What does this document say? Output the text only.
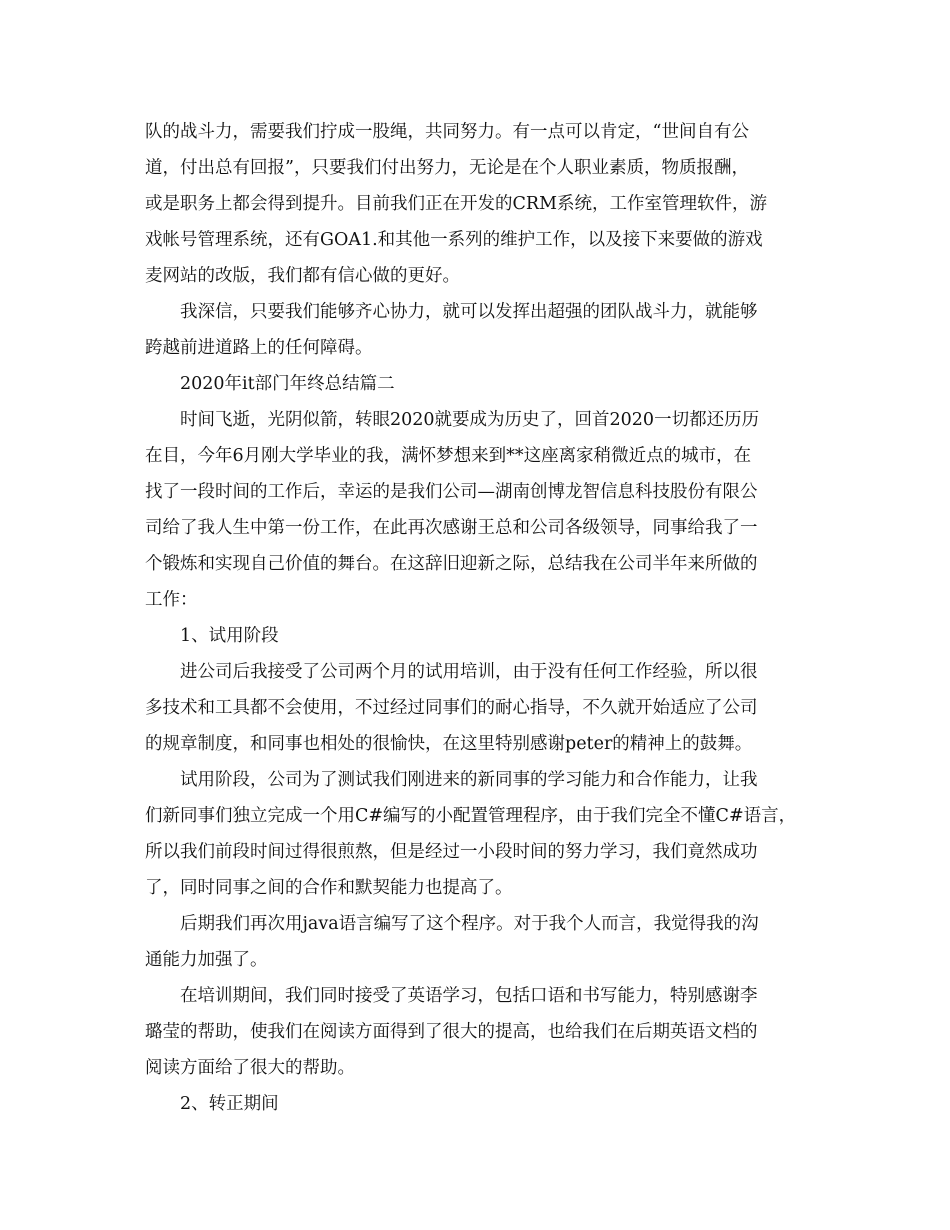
队的战斗力，需要我们拧成一股绳，共同努力。有一点可以肯定，“世间自有公
道，付出总有回报”，只要我们付出努力，无论是在个人职业素质，物质报酬，
或是职务上都会得到提升。目前我们正在开发的CRM系统，工作室管理软件，游
戏帐号管理系统，还有GOA1.和其他一系列的维护工作，以及接下来要做的游戏
麦网站的改版，我们都有信心做的更好。
我深信，只要我们能够齐心协力，就可以发挥出超强的团队战斗力，就能够
跨越前进道路上的任何障碍。
2020年it部门年终总结篇二
时间飞逝，光阴似箭，转眼2020就要成为历史了，回首2020一切都还历历
在目，今年6月刚大学毕业的我，满怀梦想来到**这座离家稍微近点的城市，在
找了一段时间的工作后，幸运的是我们公司—湖南创博龙智信息科技股份有限公
司给了我人生中第一份工作，在此再次感谢王总和公司各级领导，同事给我了一
个锻炼和实现自己价值的舞台。在这辞旧迎新之际，总结我在公司半年来所做的
工作：
1、试用阶段
进公司后我接受了公司两个月的试用培训，由于没有任何工作经验，所以很
多技术和工具都不会使用，不过经过同事们的耐心指导，不久就开始适应了公司
的规章制度，和同事也相处的很愉快，在这里特别感谢peter的精神上的鼓舞。
试用阶段，公司为了测试我们刚进来的新同事的学习能力和合作能力，让我
们新同事们独立完成一个用C#编写的小配置管理程序，由于我们完全不懂C#语言，
所以我们前段时间过得很煎熬，但是经过一小段时间的努力学习，我们竟然成功
了，同时同事之间的合作和默契能力也提高了。
后期我们再次用java语言编写了这个程序。对于我个人而言，我觉得我的沟
通能力加强了。
在培训期间，我们同时接受了英语学习，包括口语和书写能力，特别感谢李
璐莹的帮助，使我们在阅读方面得到了很大的提高，也给我们在后期英语文档的
阅读方面给了很大的帮助。
2、转正期间
